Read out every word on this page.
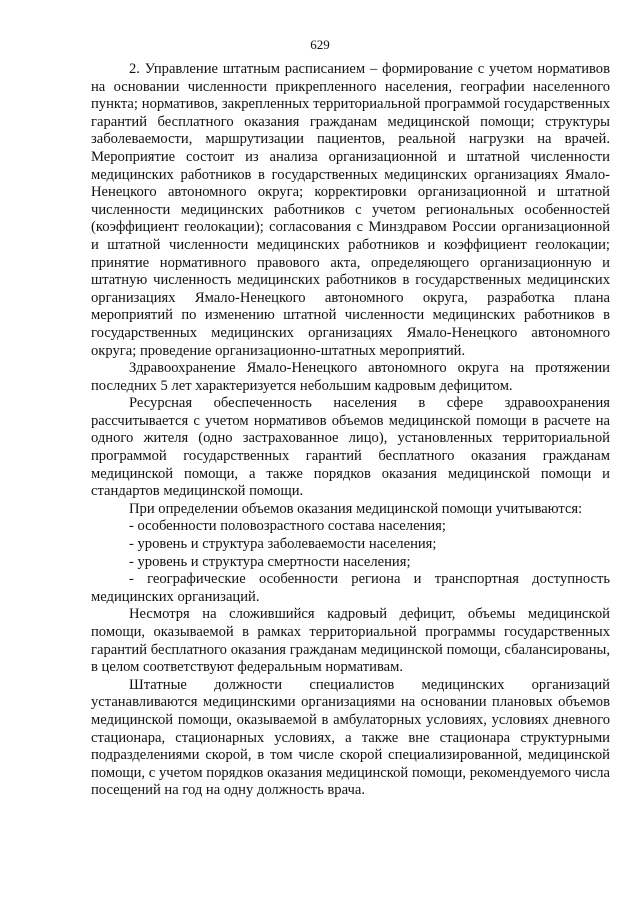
629

2. Управление штатным расписанием – формирование с учетом нормативов на основании численности прикрепленного населения, географии населенного пункта; нормативов, закрепленных территориальной программой государственных гарантий бесплатного оказания гражданам медицинской помощи; структуры заболеваемости, маршрутизации пациентов, реальной нагрузки на врачей. Мероприятие состоит из анализа организационной и штатной численности медицинских работников в государственных медицинских организациях Ямало-Ненецкого автономного округа; корректировки организационной и штатной численности медицинских работников с учетом региональных особенностей (коэффициент геолокации); согласования с Минздравом России организационной и штатной численности медицинских работников и коэффициент геолокации; принятие нормативного правового акта, определяющего организационную и штатную численность медицинских работников в государственных медицинских организациях Ямало-Ненецкого автономного округа, разработка плана мероприятий по изменению штатной численности медицинских работников в государственных медицинских организациях Ямало-Ненецкого автономного округа; проведение организационно-штатных мероприятий.

Здравоохранение Ямало-Ненецкого автономного округа на протяжении последних 5 лет характеризуется небольшим кадровым дефицитом.

Ресурсная обеспеченность населения в сфере здравоохранения рассчитывается с учетом нормативов объемов медицинской помощи в расчете на одного жителя (одно застрахованное лицо), установленных территориальной программой государственных гарантий бесплатного оказания гражданам медицинской помощи, а также порядков оказания медицинской помощи и стандартов медицинской помощи.

При определении объемов оказания медицинской помощи учитываются:

- особенности половозрастного состава населения;

- уровень и структура заболеваемости населения;

- уровень и структура смертности населения;

- географические особенности региона и транспортная доступность медицинских организаций.

Несмотря на сложившийся кадровый дефицит, объемы медицинской помощи, оказываемой в рамках территориальной программы государственных гарантий бесплатного оказания гражданам медицинской помощи, сбалансированы, в целом соответствуют федеральным нормативам.

Штатные должности специалистов медицинских организаций устанавливаются медицинскими организациями на основании плановых объемов медицинской помощи, оказываемой в амбулаторных условиях, условиях дневного стационара, стационарных условиях, а также вне стационара структурными подразделениями скорой, в том числе скорой специализированной, медицинской помощи, с учетом порядков оказания медицинской помощи, рекомендуемого числа посещений на год на одну должность врача.
